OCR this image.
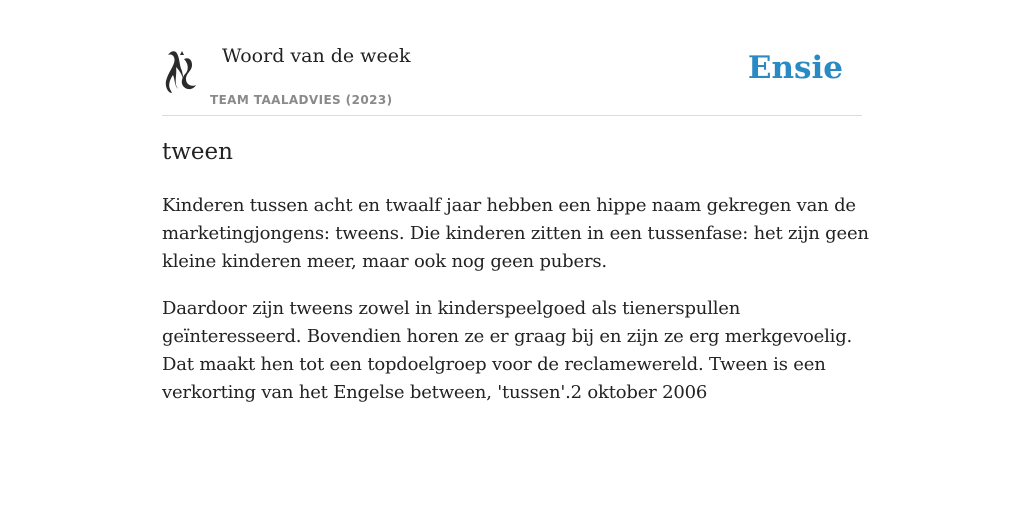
Woord van de week
TEAM TAALADVIES (2023)
Ensie
tween

Kinderen tussen acht en twaalf jaar hebben een hippe naam gekregen van de marketingjongens: tweens. Die kinderen zitten in een tussenfase: het zijn geen kleine kinderen meer, maar ook nog geen pubers.

Daardoor zijn tweens zowel in kinderspeelgoed als tienerspullen geïnteresseerd. Bovendien horen ze er graag bij en zijn ze erg merkgevoelig. Dat maakt hen tot een topdoelgroep voor de reclamewereld. Tween is een verkorting van het Engelse between, 'tussen'.2 oktober 2006
